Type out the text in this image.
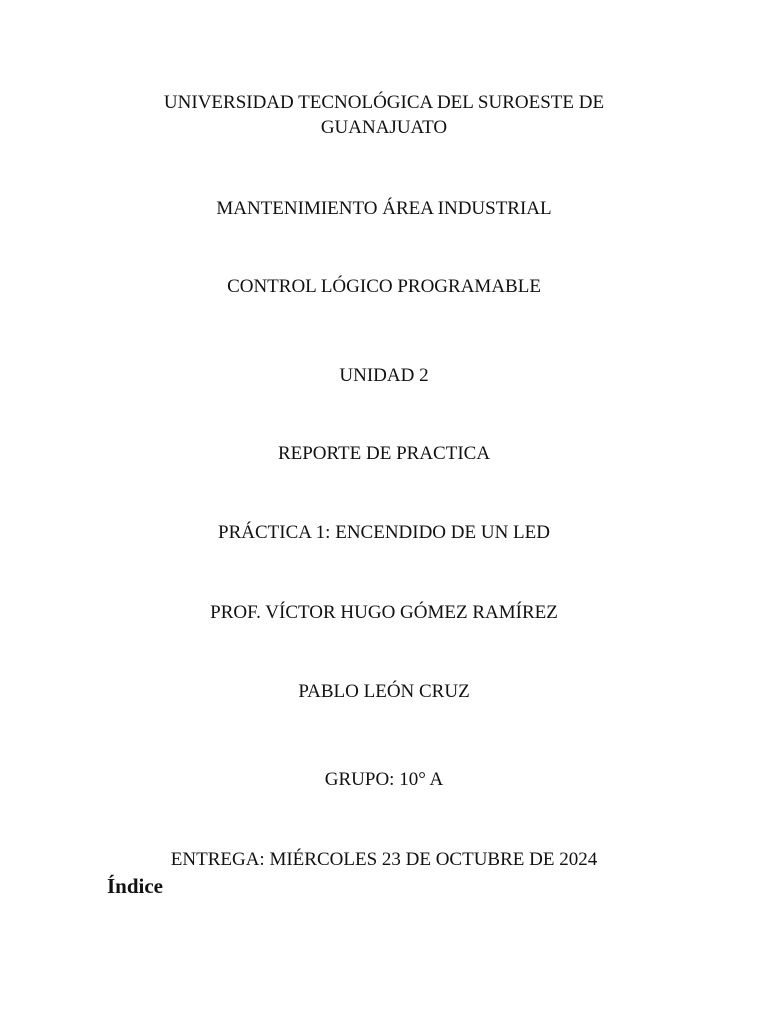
UNIVERSIDAD TECNOLÓGICA DEL SUROESTE DE
GUANAJUATO
MANTENIMIENTO ÁREA INDUSTRIAL
CONTROL LÓGICO PROGRAMABLE
UNIDAD 2
REPORTE DE PRACTICA
PRÁCTICA 1: ENCENDIDO DE UN LED
PROF. VÍCTOR HUGO GÓMEZ RAMÍREZ
PABLO LEÓN CRUZ
GRUPO: 10° A
ENTREGA: MIÉRCOLES 23 DE OCTUBRE DE 2024
Índice
